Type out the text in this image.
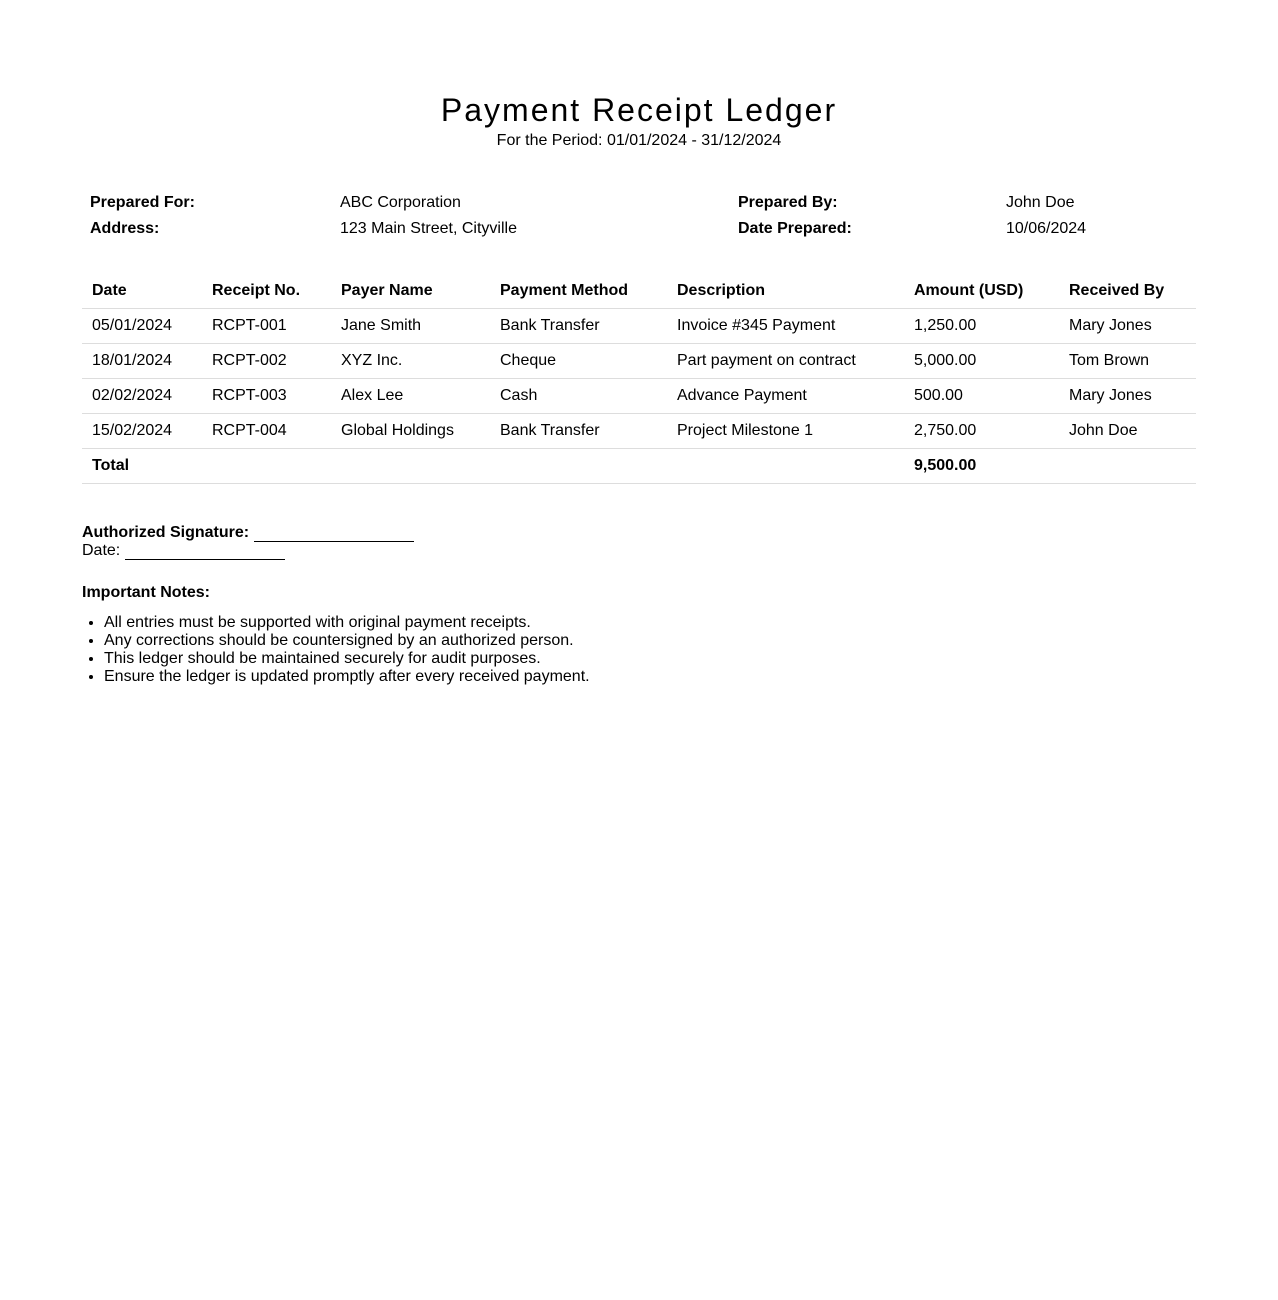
Payment Receipt Ledger
For the Period: 01/01/2024 - 31/12/2024
Prepared For:	ABC Corporation	Prepared By:	John Doe
Address:	123 Main Street, Cityville	Date Prepared:	10/06/2024
Date	Receipt No.	Payer Name	Payment Method	Description	Amount (USD)	Received By
05/01/2024	RCPT-001	Jane Smith	Bank Transfer	Invoice #345 Payment	1,250.00	Mary Jones
18/01/2024	RCPT-002	XYZ Inc.	Cheque	Part payment on contract	5,000.00	Tom Brown
02/02/2024	RCPT-003	Alex Lee	Cash	Advance Payment	500.00	Mary Jones
15/02/2024	RCPT-004	Global Holdings	Bank Transfer	Project Milestone 1	2,750.00	John Doe
Total					9,500.00	
Authorized Signature:
Date:
Important Notes:
• All entries must be supported with original payment receipts.
• Any corrections should be countersigned by an authorized person.
• This ledger should be maintained securely for audit purposes.
• Ensure the ledger is updated promptly after every received payment.
